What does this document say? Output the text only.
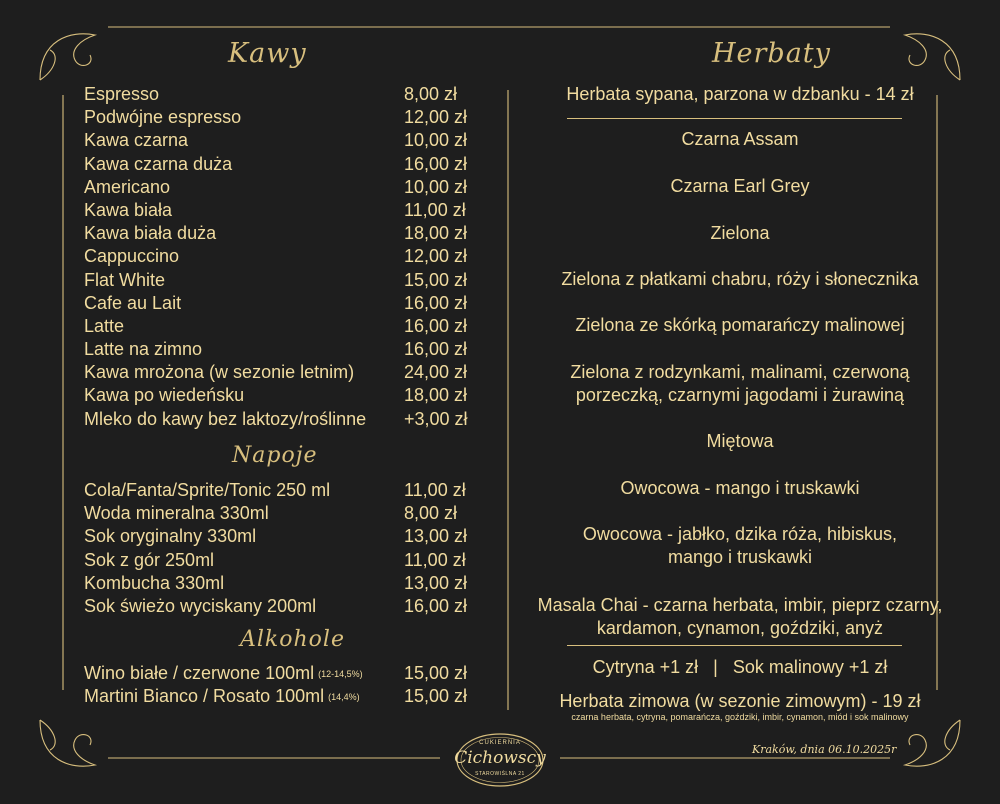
Kawy	Herbaty
Napoje
Alkohole
Espresso	8,00 zł
Podwójne espresso	12,00 zł
Kawa czarna	10,00 zł
Kawa czarna duża	16,00 zł
Americano	10,00 zł
Kawa biała	11,00 zł
Kawa biała duża	18,00 zł
Cappuccino	12,00 zł
Flat White	15,00 zł
Cafe au Lait	16,00 zł
Latte	16,00 zł
Latte na zimno	16,00 zł
Kawa mrożona (w sezonie letnim)	24,00 zł
Kawa po wiedeńsku	18,00 zł
Mleko do kawy bez laktozy/roślinne +3,00 zł
Cola/Fanta/Sprite/Tonic 250 ml	11,00 zł
Woda mineralna 330ml	8,00 zł
Sok oryginalny 330ml	13,00 zł
Sok z gór 250ml	11,00 zł
Kombucha 330ml	13,00 zł
Sok świeżo wyciskany 200ml	16,00 zł
Wino białe / czerwone 100ml (12-14,5%) 15,00 zł
Martini Bianco / Rosato 100ml (14,4%) 15,00 zł
Herbata sypana, parzona w dzbanku - 14 zł
Czarna Assam
Czarna Earl Grey
Zielona
Zielona z płatkami chabru, róży i słonecznika
Zielona ze skórką pomarańczy malinowej
Zielona z rodzynkami, malinami, czerwoną
porzeczką, czarnymi jagodami i żurawiną
Miętowa
Owocowa - mango i truskawki
Owocowa - jabłko, dzika róża, hibiskus,
mango i truskawki
Masala Chai - czarna herbata, imbir, pieprz czarny,
kardamon, cynamon, goździki, anyż
Cytryna +1 zł   |   Sok malinowy +1 zł
Herbata zimowa (w sezonie zimowym) - 19 zł
czarna herbata, cytryna, pomarańcza, goździki, imbir, cynamon, miód i sok malinowy
Kraków, dnia 06.10.2025r
CUKIERNIA
Cichowscy
STAROWIŚLNA 21
